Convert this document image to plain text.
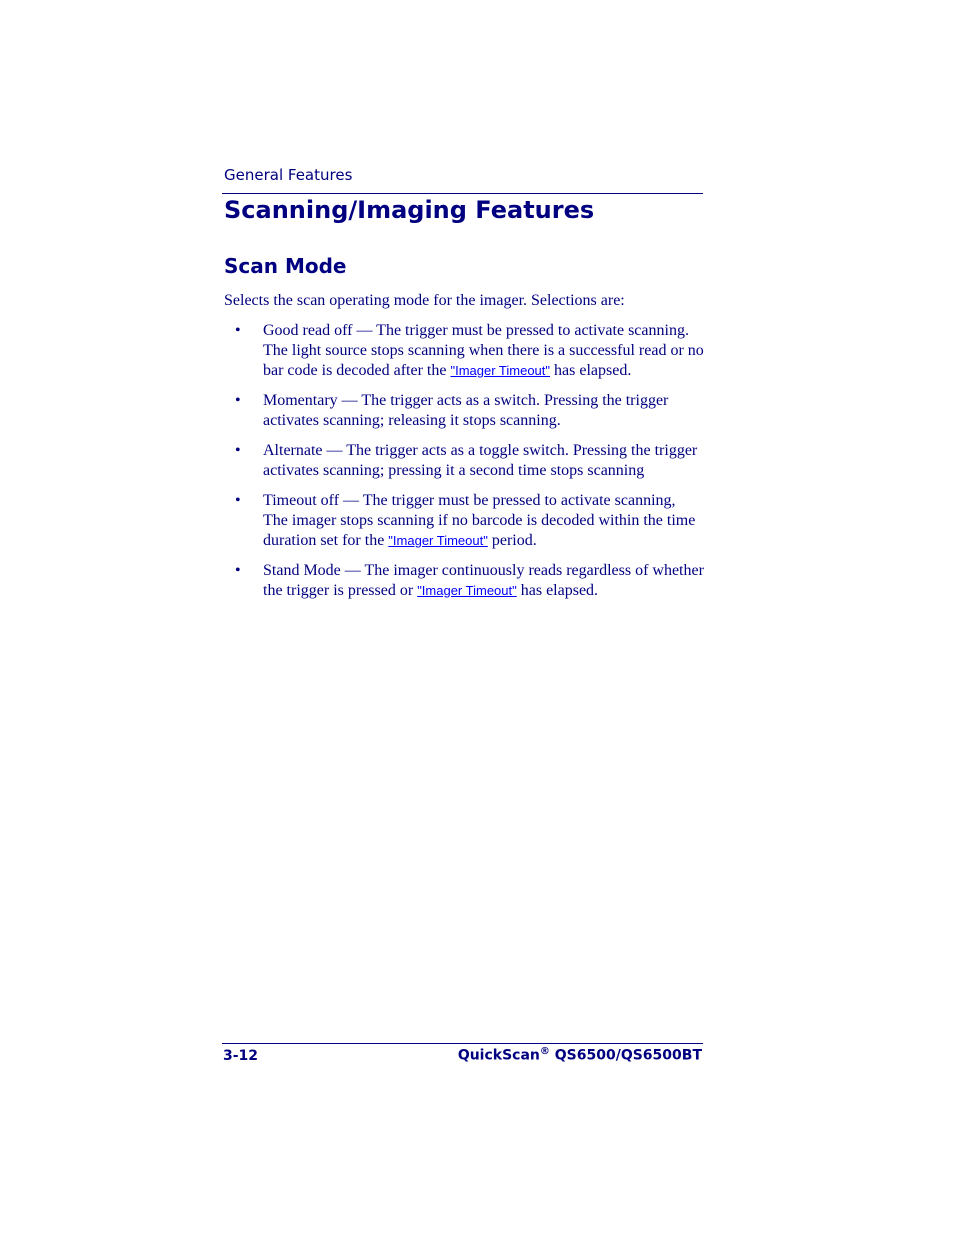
General Features
Scanning/Imaging Features
Scan Mode

Selects the scan operating mode for the imager. Selections are:

• Good read off — The trigger must be pressed to activate scanning. The light source stops scanning when there is a successful read or no bar code is decoded after the "Imager Timeout" has elapsed.
• Momentary — The trigger acts as a switch. Pressing the trigger activates scanning; releasing it stops scanning.
• Alternate — The trigger acts as a toggle switch. Pressing the trigger activates scanning; pressing it a second time stops scanning
• Timeout off — The trigger must be pressed to activate scanning, The imager stops scanning if no barcode is decoded within the time duration set for the "Imager Timeout" period.
• Stand Mode — The imager continuously reads regardless of whether the trigger is pressed or "Imager Timeout" has elapsed.
3-12	QuickScan® QS6500/QS6500BT
